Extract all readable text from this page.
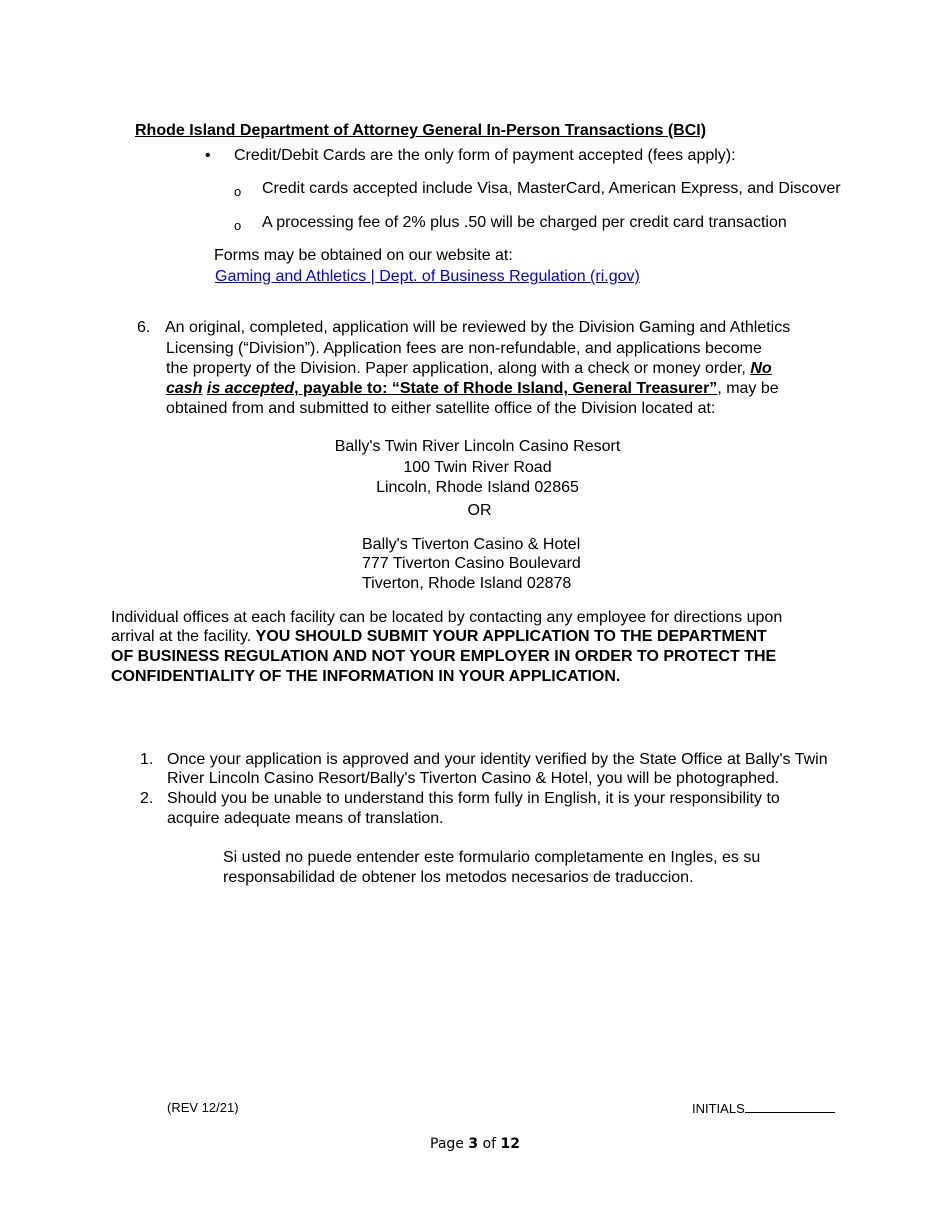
Rhode Island Department of Attorney General In-Person Transactions (BCI)
• Credit/Debit Cards are the only form of payment accepted (fees apply):
o Credit cards accepted include Visa, MasterCard, American Express, and Discover
o A processing fee of 2% plus .50 will be charged per credit card transaction
Forms may be obtained on our website at:
Gaming and Athletics | Dept. of Business Regulation (ri.gov)
6. An original, completed, application will be reviewed by the Division Gaming and Athletics
Licensing (“Division”). Application fees are non-refundable, and applications become
the property of the Division. Paper application, along with a check or money order, No
cash is accepted, payable to: “State of Rhode Island, General Treasurer”, may be
obtained from and submitted to either satellite office of the Division located at:
Bally's Twin River Lincoln Casino Resort
100 Twin River Road
Lincoln, Rhode Island 02865
OR
Bally's Tiverton Casino & Hotel
777 Tiverton Casino Boulevard
Tiverton, Rhode Island 02878
Individual offices at each facility can be located by contacting any employee for directions upon
arrival at the facility. YOU SHOULD SUBMIT YOUR APPLICATION TO THE DEPARTMENT
OF BUSINESS REGULATION AND NOT YOUR EMPLOYER IN ORDER TO PROTECT THE
CONFIDENTIALITY OF THE INFORMATION IN YOUR APPLICATION.
1. Once your application is approved and your identity verified by the State Office at Bally's Twin
River Lincoln Casino Resort/Bally's Tiverton Casino & Hotel, you will be photographed.
2. Should you be unable to understand this form fully in English, it is your responsibility to
acquire adequate means of translation.
Si usted no puede entender este formulario completamente en Ingles, es su
responsabilidad de obtener los metodos necesarios de traduccion.
(REV 12/21)	INITIALS
Page 3 of 12
